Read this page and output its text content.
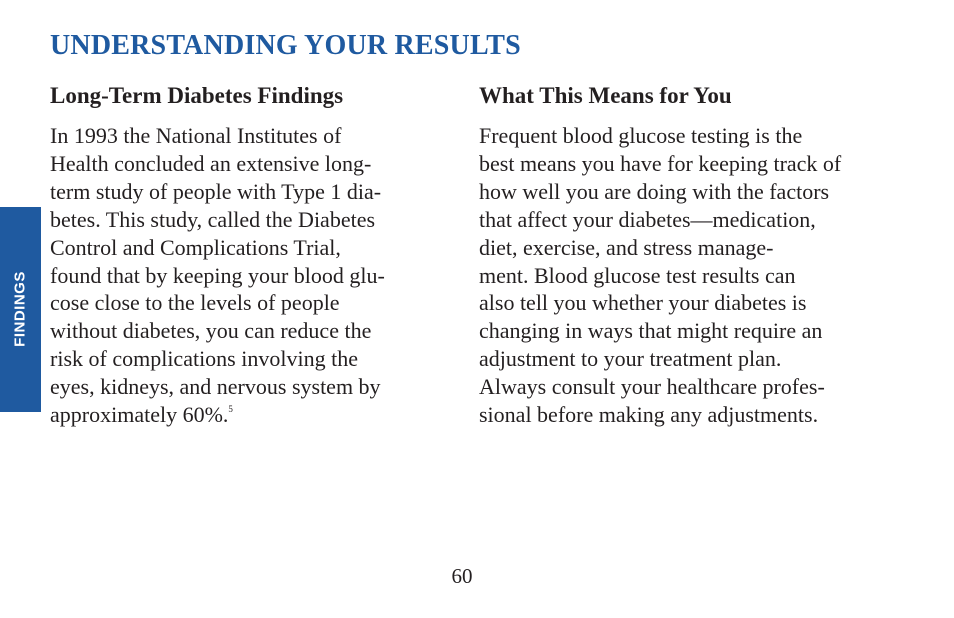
FINDINGS
UNDERSTANDING YOUR RESULTS
Long-Term Diabetes Findings
In 1993 the National Institutes of
Health concluded an extensive long-
term study of people with Type 1 dia-
betes. This study, called the Diabetes
Control and Complications Trial,
found that by keeping your blood glu-
cose close to the levels of people
without diabetes, you can reduce the
risk of complications involving the
eyes, kidneys, and nervous system by
approximately 60%.$^5$
What This Means for You
Frequent blood glucose testing is the
best means you have for keeping track of
how well you are doing with the factors
that affect your diabetes—medication,
diet, exercise, and stress manage-
ment. Blood glucose test results can
also tell you whether your diabetes is
changing in ways that might require an
adjustment to your treatment plan.
Always consult your healthcare profes-
sional before making any adjustments.
60
